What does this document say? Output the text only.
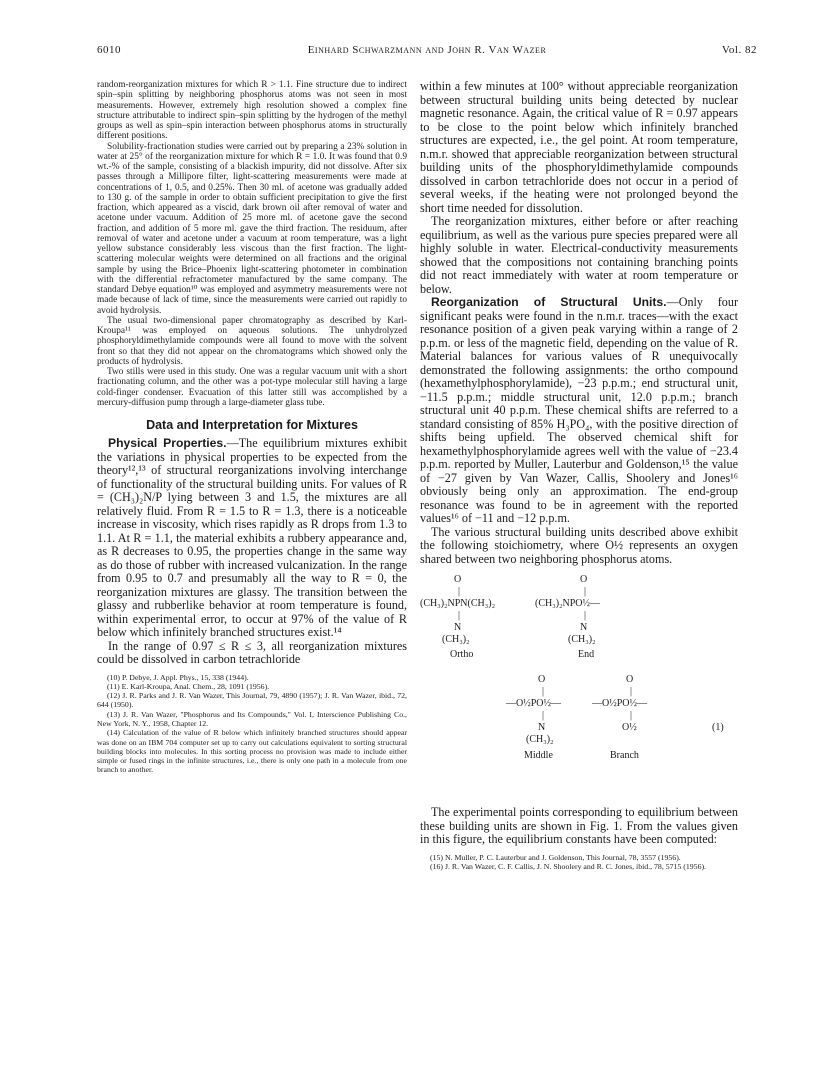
6010	Einhard Schwarzmann and John R. Van Wazer	Vol. 82

random-reorganization mixtures for which R > 1.1. Fine structure due to indirect spin–spin splitting by neighboring phosphorus atoms was not seen in most measurements. However, extremely high resolution showed a complex fine structure attributable to indirect spin–spin splitting by the hydrogen of the methyl groups as well as spin–spin interaction between phosphorus atoms in structurally different positions.

Solubility-fractionation studies were carried out by preparing a 23% solution in water at 25° of the reorganization mixture for which R = 1.0. It was found that 0.9 wt.-% of the sample, consisting of a blackish impurity, did not dissolve. After six passes through a Millipore filter, light-scattering measurements were made at concentrations of 1, 0.5, and 0.25%. Then 30 ml. of acetone was gradually added to 130 g. of the sample in order to obtain sufficient precipitation to give the first fraction, which appeared as a viscid, dark brown oil after removal of water and acetone under vacuum. Addition of 25 more ml. of acetone gave the second fraction, and addition of 5 more ml. gave the third fraction. The residuum, after removal of water and acetone under a vacuum at room temperature, was a light yellow substance considerably less viscous than the first fraction. The light-scattering molecular weights were determined on all fractions and the original sample by using the Brice–Phoenix light-scattering photometer in combination with the differential refractometer manufactured by the same company. The standard Debye equation¹⁰ was employed and asymmetry measurements were not made because of lack of time, since the measurements were carried out rapidly to avoid hydrolysis.

The usual two-dimensional paper chromatography as described by Karl-Kroupa¹¹ was employed on aqueous solutions. The unhydrolyzed phosphoryldimethylamide compounds were all found to move with the solvent front so that they did not appear on the chromatograms which showed only the products of hydrolysis.

Two stills were used in this study. One was a regular vacuum unit with a short fractionating column, and the other was a pot-type molecular still having a large cold-finger condenser. Evacuation of this latter still was accomplished by a mercury-diffusion pump through a large-diameter glass tube.

Data and Interpretation for Mixtures

Physical Properties.—The equilibrium mixtures exhibit the variations in physical properties to be expected from the theory¹²,¹³ of structural reorganizations involving interchange of functionality of the structural building units. For values of R = (CH₃)₂N/P lying between 3 and 1.5, the mixtures are all relatively fluid. From R = 1.5 to R = 1.3, there is a noticeable increase in viscosity, which rises rapidly as R drops from 1.3 to 1.1. At R = 1.1, the material exhibits a rubbery appearance and, as R decreases to 0.95, the properties change in the same way as do those of rubber with increased vulcanization. In the range from 0.95 to 0.7 and presumably all the way to R = 0, the reorganization mixtures are glassy. The transition between the glassy and rubberlike behavior at room temperature is found, within experimental error, to occur at 97% of the value of R below which infinitely branched structures exist.¹⁴

In the range of 0.97 ≤ R ≤ 3, all reorganization mixtures could be dissolved in carbon tetrachloride

(10) P. Debye, J. Appl. Phys., 15, 338 (1944).

(11) E. Karl-Kroupa, Anal. Chem., 28, 1091 (1956).

(12) J. R. Parks and J. R. Van Wazer, This Journal, 79, 4890 (1957); J. R. Van Wazer, ibid., 72, 644 (1950).

(13) J. R. Van Wazer, "Phosphorus and Its Compounds," Vol. I, Interscience Publishing Co., New York, N. Y., 1958, Chapter 12.

(14) Calculation of the value of R below which infinitely branched structures should appear was done on an IBM 704 computer set up to carry out calculations equivalent to sorting structural building blocks into molecules. In this sorting process no provision was made to include either simple or fused rings in the infinite structures, i.e., there is only one path in a molecule from one branch to another.

within a few minutes at 100° without appreciable reorganization between structural building units being detected by nuclear magnetic resonance. Again, the critical value of R = 0.97 appears to be close to the point below which infinitely branched structures are expected, i.e., the gel point. At room temperature, n.m.r. showed that appreciable reorganization between structural building units of the phosphoryldimethylamide compounds dissolved in carbon tetrachloride does not occur in a period of several weeks, if the heating were not prolonged beyond the short time needed for dissolution.

The reorganization mixtures, either before or after reaching equilibrium, as well as the various pure species prepared were all highly soluble in water. Electrical-conductivity measurements showed that the compositions not containing branching points did not react immediately with water at room temperature or below.

Reorganization of Structural Units.—Only four significant peaks were found in the n.m.r. traces—with the exact resonance position of a given peak varying within a range of 2 p.p.m. or less of the magnetic field, depending on the value of R. Material balances for various values of R unequivocally demonstrated the following assignments: the ortho compound (hexamethylphosphorylamide), −23 p.p.m.; end structural unit, −11.5 p.p.m.; middle structural unit, 12.0 p.p.m.; branch structural unit 40 p.p.m. These chemical shifts are referred to a standard consisting of 85% H₃PO₄, with the positive direction of shifts being upfield. The observed chemical shift for hexamethylphosphorylamide agrees well with the value of −23.4 p.p.m. reported by Muller, Lauterbur and Goldenson,¹⁵ the value of −27 given by Van Wazer, Callis, Shoolery and Jones¹⁶ obviously being only an approximation. The end-group resonance was found to be in agreement with the reported values¹⁶ of −11 and −12 p.p.m.

The various structural building units described above exhibit the following stoichiometry, where O½ represents an oxygen shared between two neighboring phosphorus atoms.

O
|
(CH₃)₂NPN(CH₃)₂
|
N
(CH₃)₂
Ortho
O
|
(CH₃)₂NPO½—
|
N
(CH₃)₂
End
O
|
—O½PO½—
|
N
(CH₃)₂
Middle
O
|
—O½PO½—
|
O½
Branch
(1)

The experimental points corresponding to equilibrium between these building units are shown in Fig. 1. From the values given in this figure, the equilibrium constants have been computed:

(15) N. Muller, P. C. Lauterbur and J. Goldenson, This Journal, 78, 3557 (1956).

(16) J. R. Van Wazer, C. F. Callis, J. N. Shoolery and R. C. Jones, ibid., 78, 5715 (1956).
